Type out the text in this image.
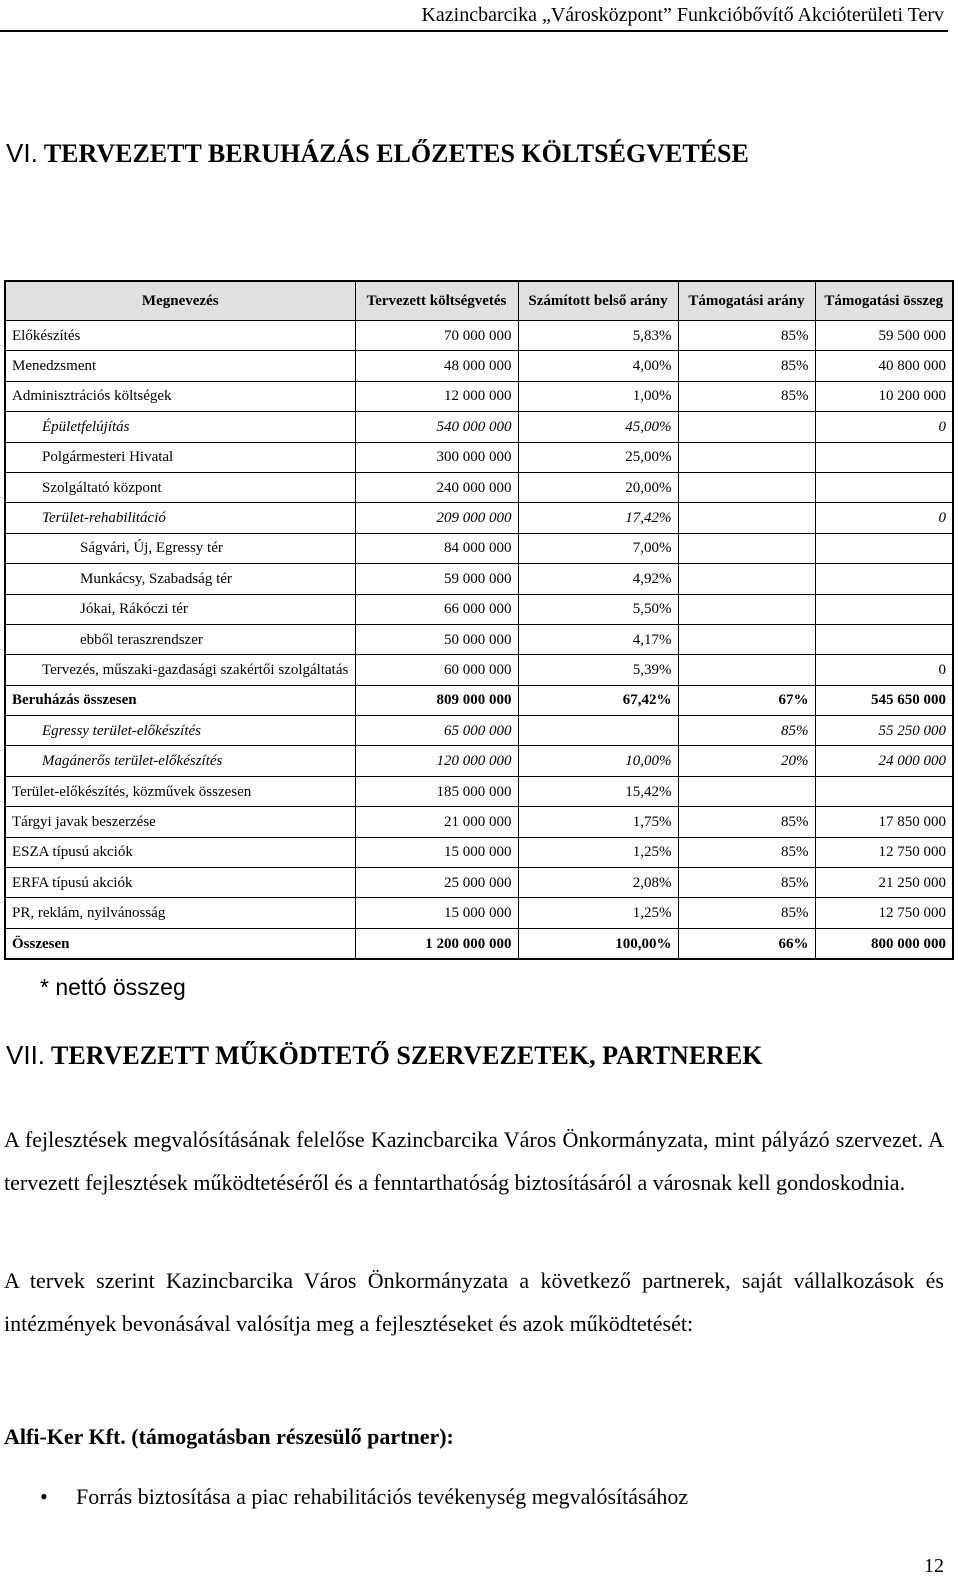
Kazincbarcika „Városközpont” Funkcióbővítő Akcióterületi Terv
VI. TERVEZETT BERUHÁZÁS ELŐZETES KÖLTSÉGVETÉSE
Megnevezés	Tervezett költségvetés	Számított belső arány	Támogatási arány	Támogatási összeg
Előkészítés	70 000 000	5,83%	85%	59 500 000
Menedzsment	48 000 000	4,00%	85%	40 800 000
Adminisztrációs költségek	12 000 000	1,00%	85%	10 200 000
Épületfelújítás	540 000 000	45,00%		0
Polgármesteri Hivatal	300 000 000	25,00%		
Szolgáltató központ	240 000 000	20,00%		
Terület-rehabilitáció	209 000 000	17,42%		0
Ságvári, Új, Egressy tér	84 000 000	7,00%		
Munkácsy, Szabadság tér	59 000 000	4,92%		
Jókai, Rákóczi tér	66 000 000	5,50%		
ebből teraszrendszer	50 000 000	4,17%		
Tervezés, műszaki-gazdasági szakértői szolgáltatás	60 000 000	5,39%		0
Beruházás összesen	809 000 000	67,42%	67%	545 650 000
Egressy terület-előkészítés	65 000 000		85%	55 250 000
Magánerős terület-előkészítés	120 000 000	10,00%	20%	24 000 000
Terület-előkészítés, közművek összesen	185 000 000	15,42%		
Tárgyi javak beszerzése	21 000 000	1,75%	85%	17 850 000
ESZA típusú akciók	15 000 000	1,25%	85%	12 750 000
ERFA típusú akciók	25 000 000	2,08%	85%	21 250 000
PR, reklám, nyilvánosság	15 000 000	1,25%	85%	12 750 000
Összesen	1 200 000 000	100,00%	66%	800 000 000
* nettó összeg
VII. TERVEZETT MŰKÖDTETŐ SZERVEZETEK, PARTNEREK
A fejlesztések megvalósításának felelőse Kazincbarcika Város Önkormányzata, mint pályázó szervezet. A tervezett fejlesztések működtetéséről és a fenntarthatóság biztosításáról a városnak kell gondoskodnia.
A tervek szerint Kazincbarcika Város Önkormányzata a következő partnerek, saját vállalkozások és intézmények bevonásával valósítja meg a fejlesztéseket és azok működtetését:
Alfi-Ker Kft. (támogatásban részesülő partner):
• Forrás biztosítása a piac rehabilitációs tevékenység megvalósításához
12
